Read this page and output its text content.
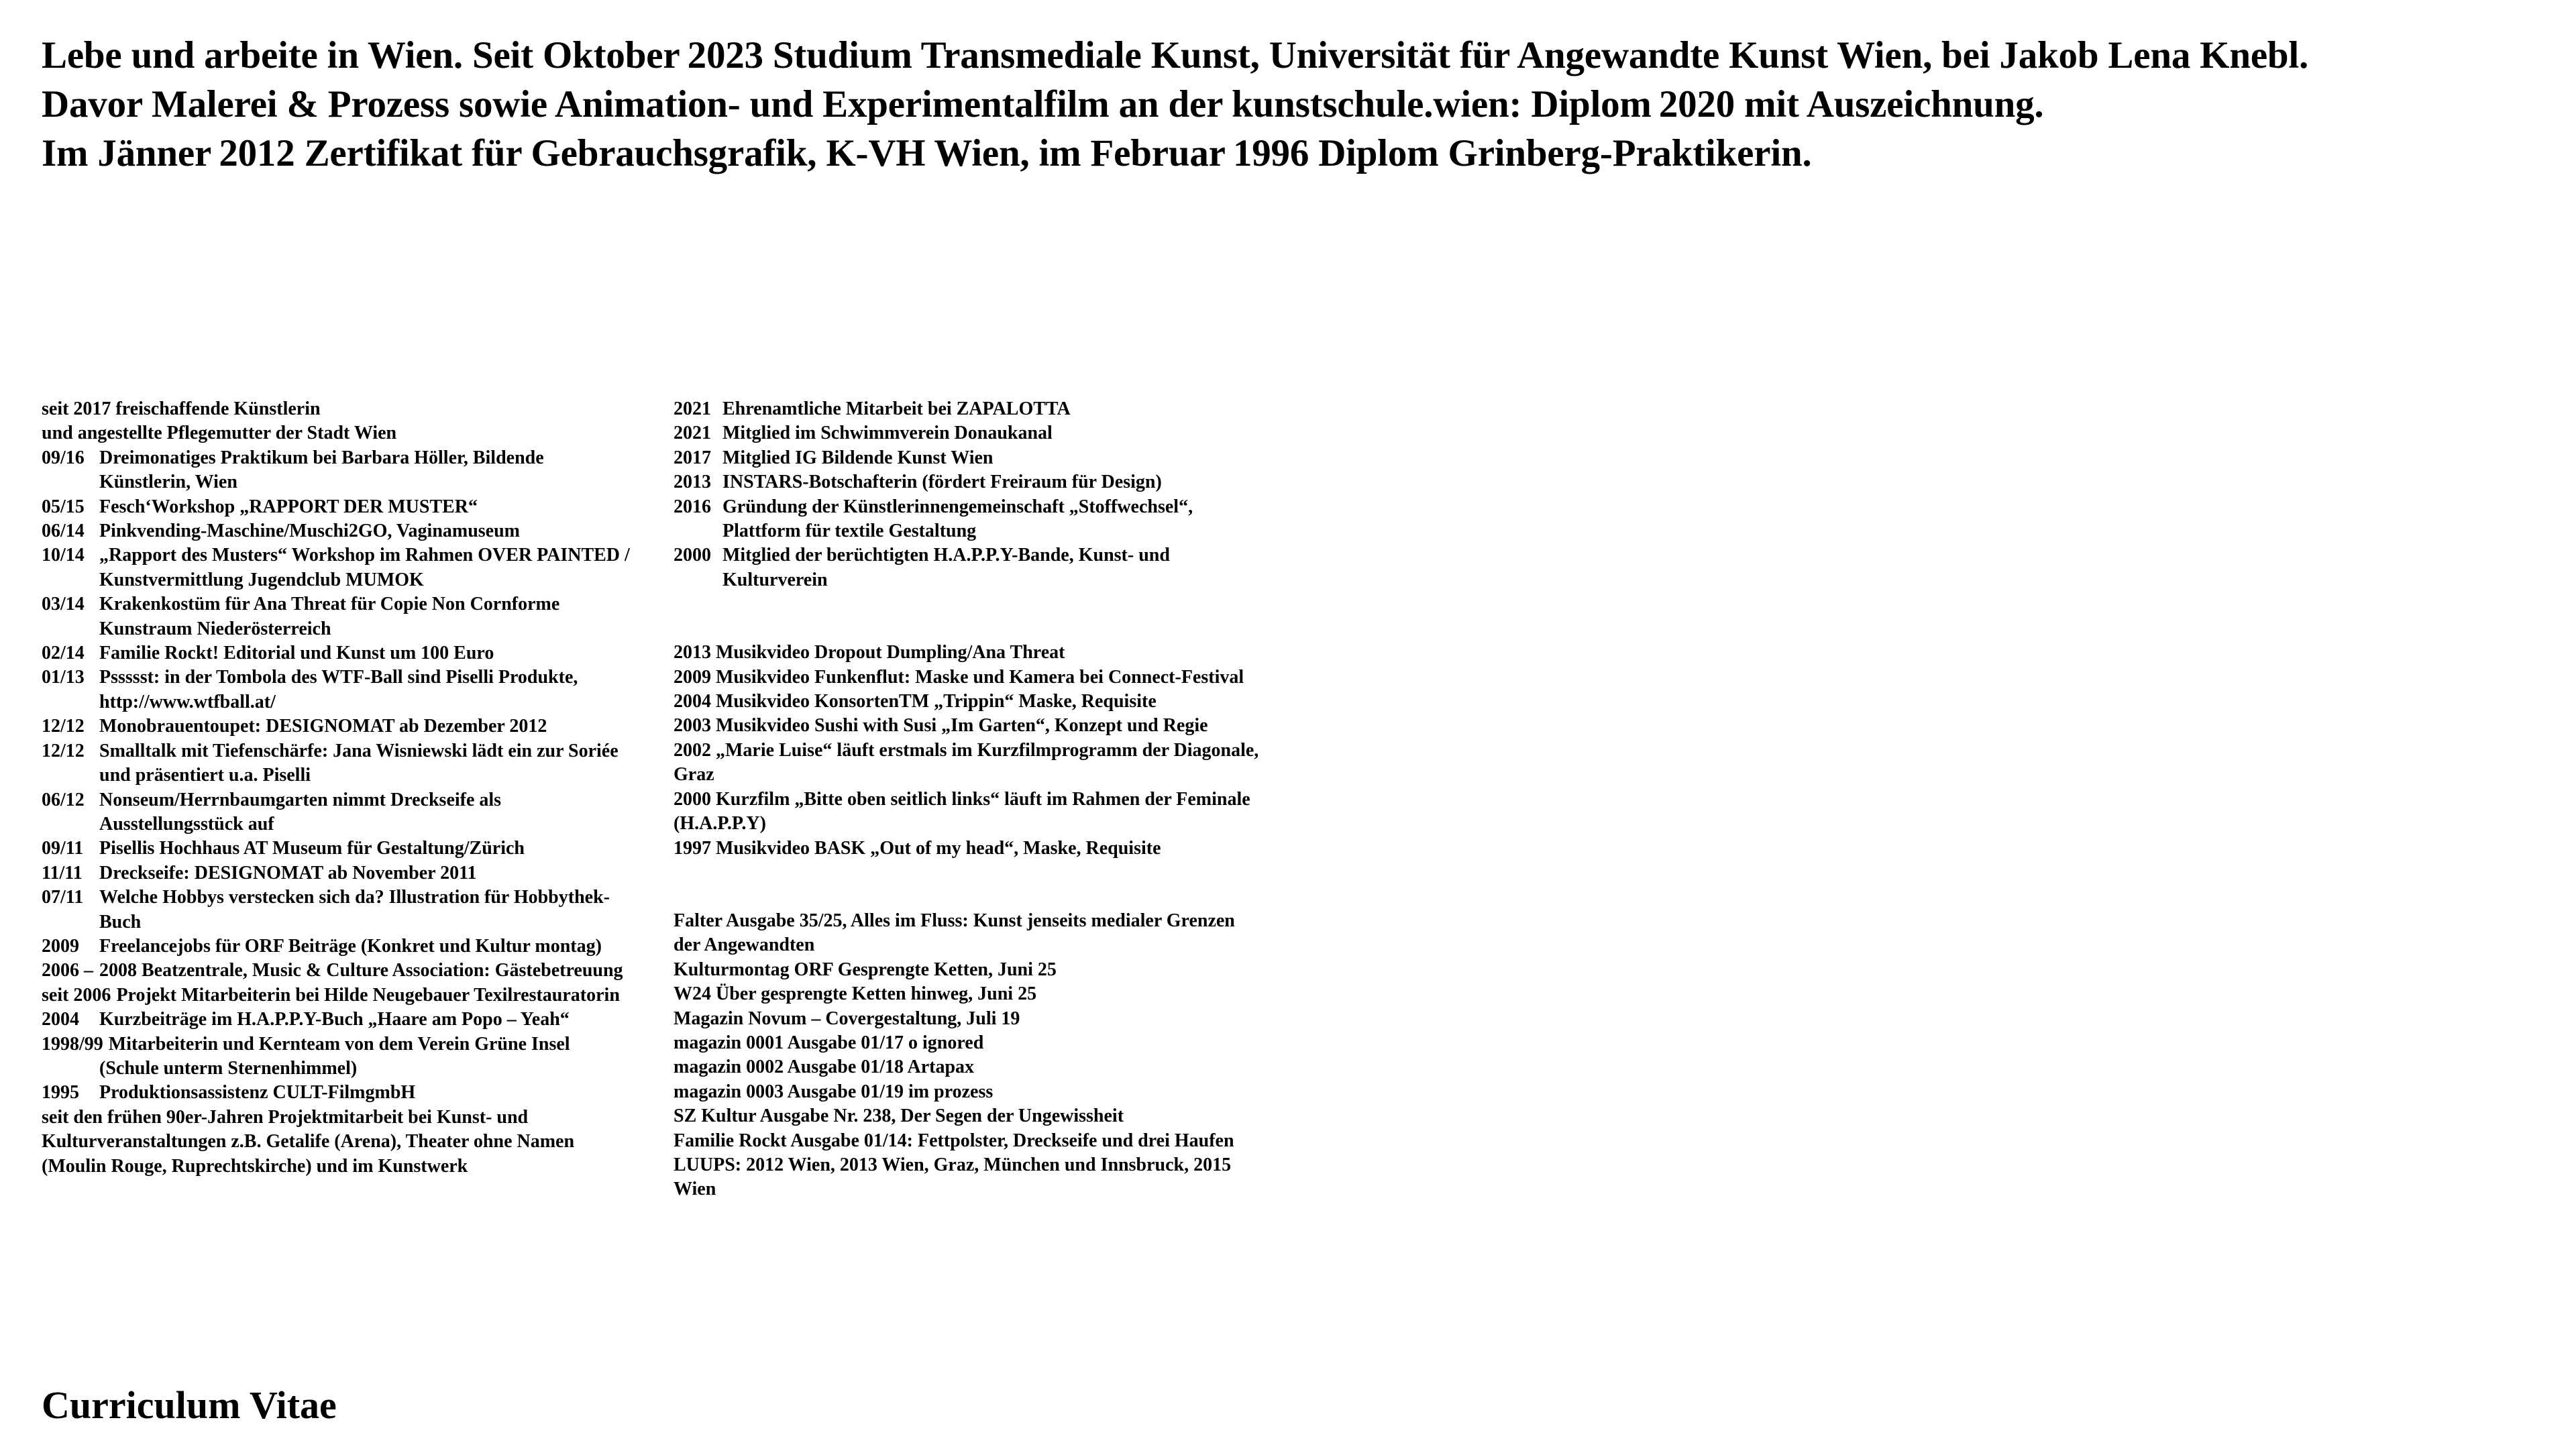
Lebe und arbeite in Wien. Seit Oktober 2023 Studium Transmediale Kunst, Universität für Angewandte Kunst Wien, bei Jakob Lena Knebl.
Davor Malerei & Prozess sowie Animation- und Experimentalfilm an der kunstschule.wien: Diplom 2020 mit Auszeichnung.
Im Jänner 2012 Zertifikat für Gebrauchsgrafik, K-VH Wien, im Februar 1996 Diplom Grinberg-Praktikerin.
seit 2017 freischaffende Künstlerin
und angestellte Pflegemutter der Stadt Wien
09/16 Dreimonatiges Praktikum bei Barbara Höller, Bildende Künstlerin, Wien
05/15 Fesch‘Workshop „RAPPORT DER MUSTER“
06/14 Pinkvending-Maschine/Muschi2GO, Vaginamuseum
10/14 „Rapport des Musters“ Workshop im Rahmen OVER PAINTED / Kunstvermittlung Jugendclub MUMOK
03/14 Krakenkostüm für Ana Threat für Copie Non Cornforme Kunstraum Niederösterreich
02/14 Familie Rockt! Editorial und Kunst um 100 Euro
01/13 Pssssst: in der Tombola des WTF-Ball sind Piselli Produkte, http://www.wtfball.at/
12/12 Monobrauentoupet: DESIGNOMAT ab Dezember 2012
12/12 Smalltalk mit Tiefenschärfe: Jana Wisniewski lädt ein zur Soriée und präsentiert u.a. Piselli
06/12 Nonseum/Herrnbaumgarten nimmt Dreckseife als Ausstellungsstück auf
09/11 Pisellis Hochhaus AT Museum für Gestaltung/Zürich
11/11 Dreckseife: DESIGNOMAT ab November 2011
07/11 Welche Hobbys verstecken sich da? Illustration für Hobbythek-Buch
2009 Freelancejobs für ORF Beiträge (Konkret und Kultur montag)
2006 – 2008 Beatzentrale, Music & Culture Association: Gästebetreuung
seit 2006 Projekt Mitarbeiterin bei Hilde Neugebauer Texilrestauratorin
2004 Kurzbeiträge im H.A.P.P.Y-Buch „Haare am Popo – Yeah“
1998/99 Mitarbeiterin und Kernteam von dem Verein Grüne Insel (Schule unterm Sternenhimmel)
1995 Produktionsassistenz CULT-FilmgmbH
seit den frühen 90er-Jahren Projektmitarbeit bei Kunst- und Kulturveranstaltungen z.B. Getalife (Arena), Theater ohne Namen (Moulin Rouge, Ruprechtskirche) und im Kunstwerk
2021 Ehrenamtliche Mitarbeit bei ZAPALOTTA
2021 Mitglied im Schwimmverein Donaukanal
2017 Mitglied IG Bildende Kunst Wien
2013 INSTARS-Botschafterin (fördert Freiraum für Design)
2016 Gründung der Künstlerinnengemeinschaft „Stoffwechsel“, Plattform für textile Gestaltung
2000 Mitglied der berüchtigten H.A.P.P.Y-Bande, Kunst- und Kulturverein
2013 Musikvideo Dropout Dumpling/Ana Threat
2009 Musikvideo Funkenflut: Maske und Kamera bei Connect-Festival
2004 Musikvideo KonsortenTM „Trippin“ Maske, Requisite
2003 Musikvideo Sushi with Susi „Im Garten“, Konzept und Regie
2002 „Marie Luise“ läuft erstmals im Kurzfilmprogramm der Diagonale, Graz
2000 Kurzfilm „Bitte oben seitlich links“ läuft im Rahmen der Feminale (H.A.P.P.Y)
1997 Musikvideo BASK „Out of my head“, Maske, Requisite
Falter Ausgabe 35/25, Alles im Fluss: Kunst jenseits medialer Grenzen der Angewandten
Kulturmontag ORF Gesprengte Ketten, Juni 25
W24 Über gesprengte Ketten hinweg, Juni 25
Magazin Novum – Covergestaltung, Juli 19
magazin 0001 Ausgabe 01/17 o ignored
magazin 0002 Ausgabe 01/18 Artapax
magazin 0003 Ausgabe 01/19 im prozess
SZ Kultur Ausgabe Nr. 238, Der Segen der Ungewissheit
Familie Rockt Ausgabe 01/14: Fettpolster, Dreckseife und drei Haufen
LUUPS: 2012 Wien, 2013 Wien, Graz, München und Innsbruck, 2015 Wien
Curriculum Vitae
